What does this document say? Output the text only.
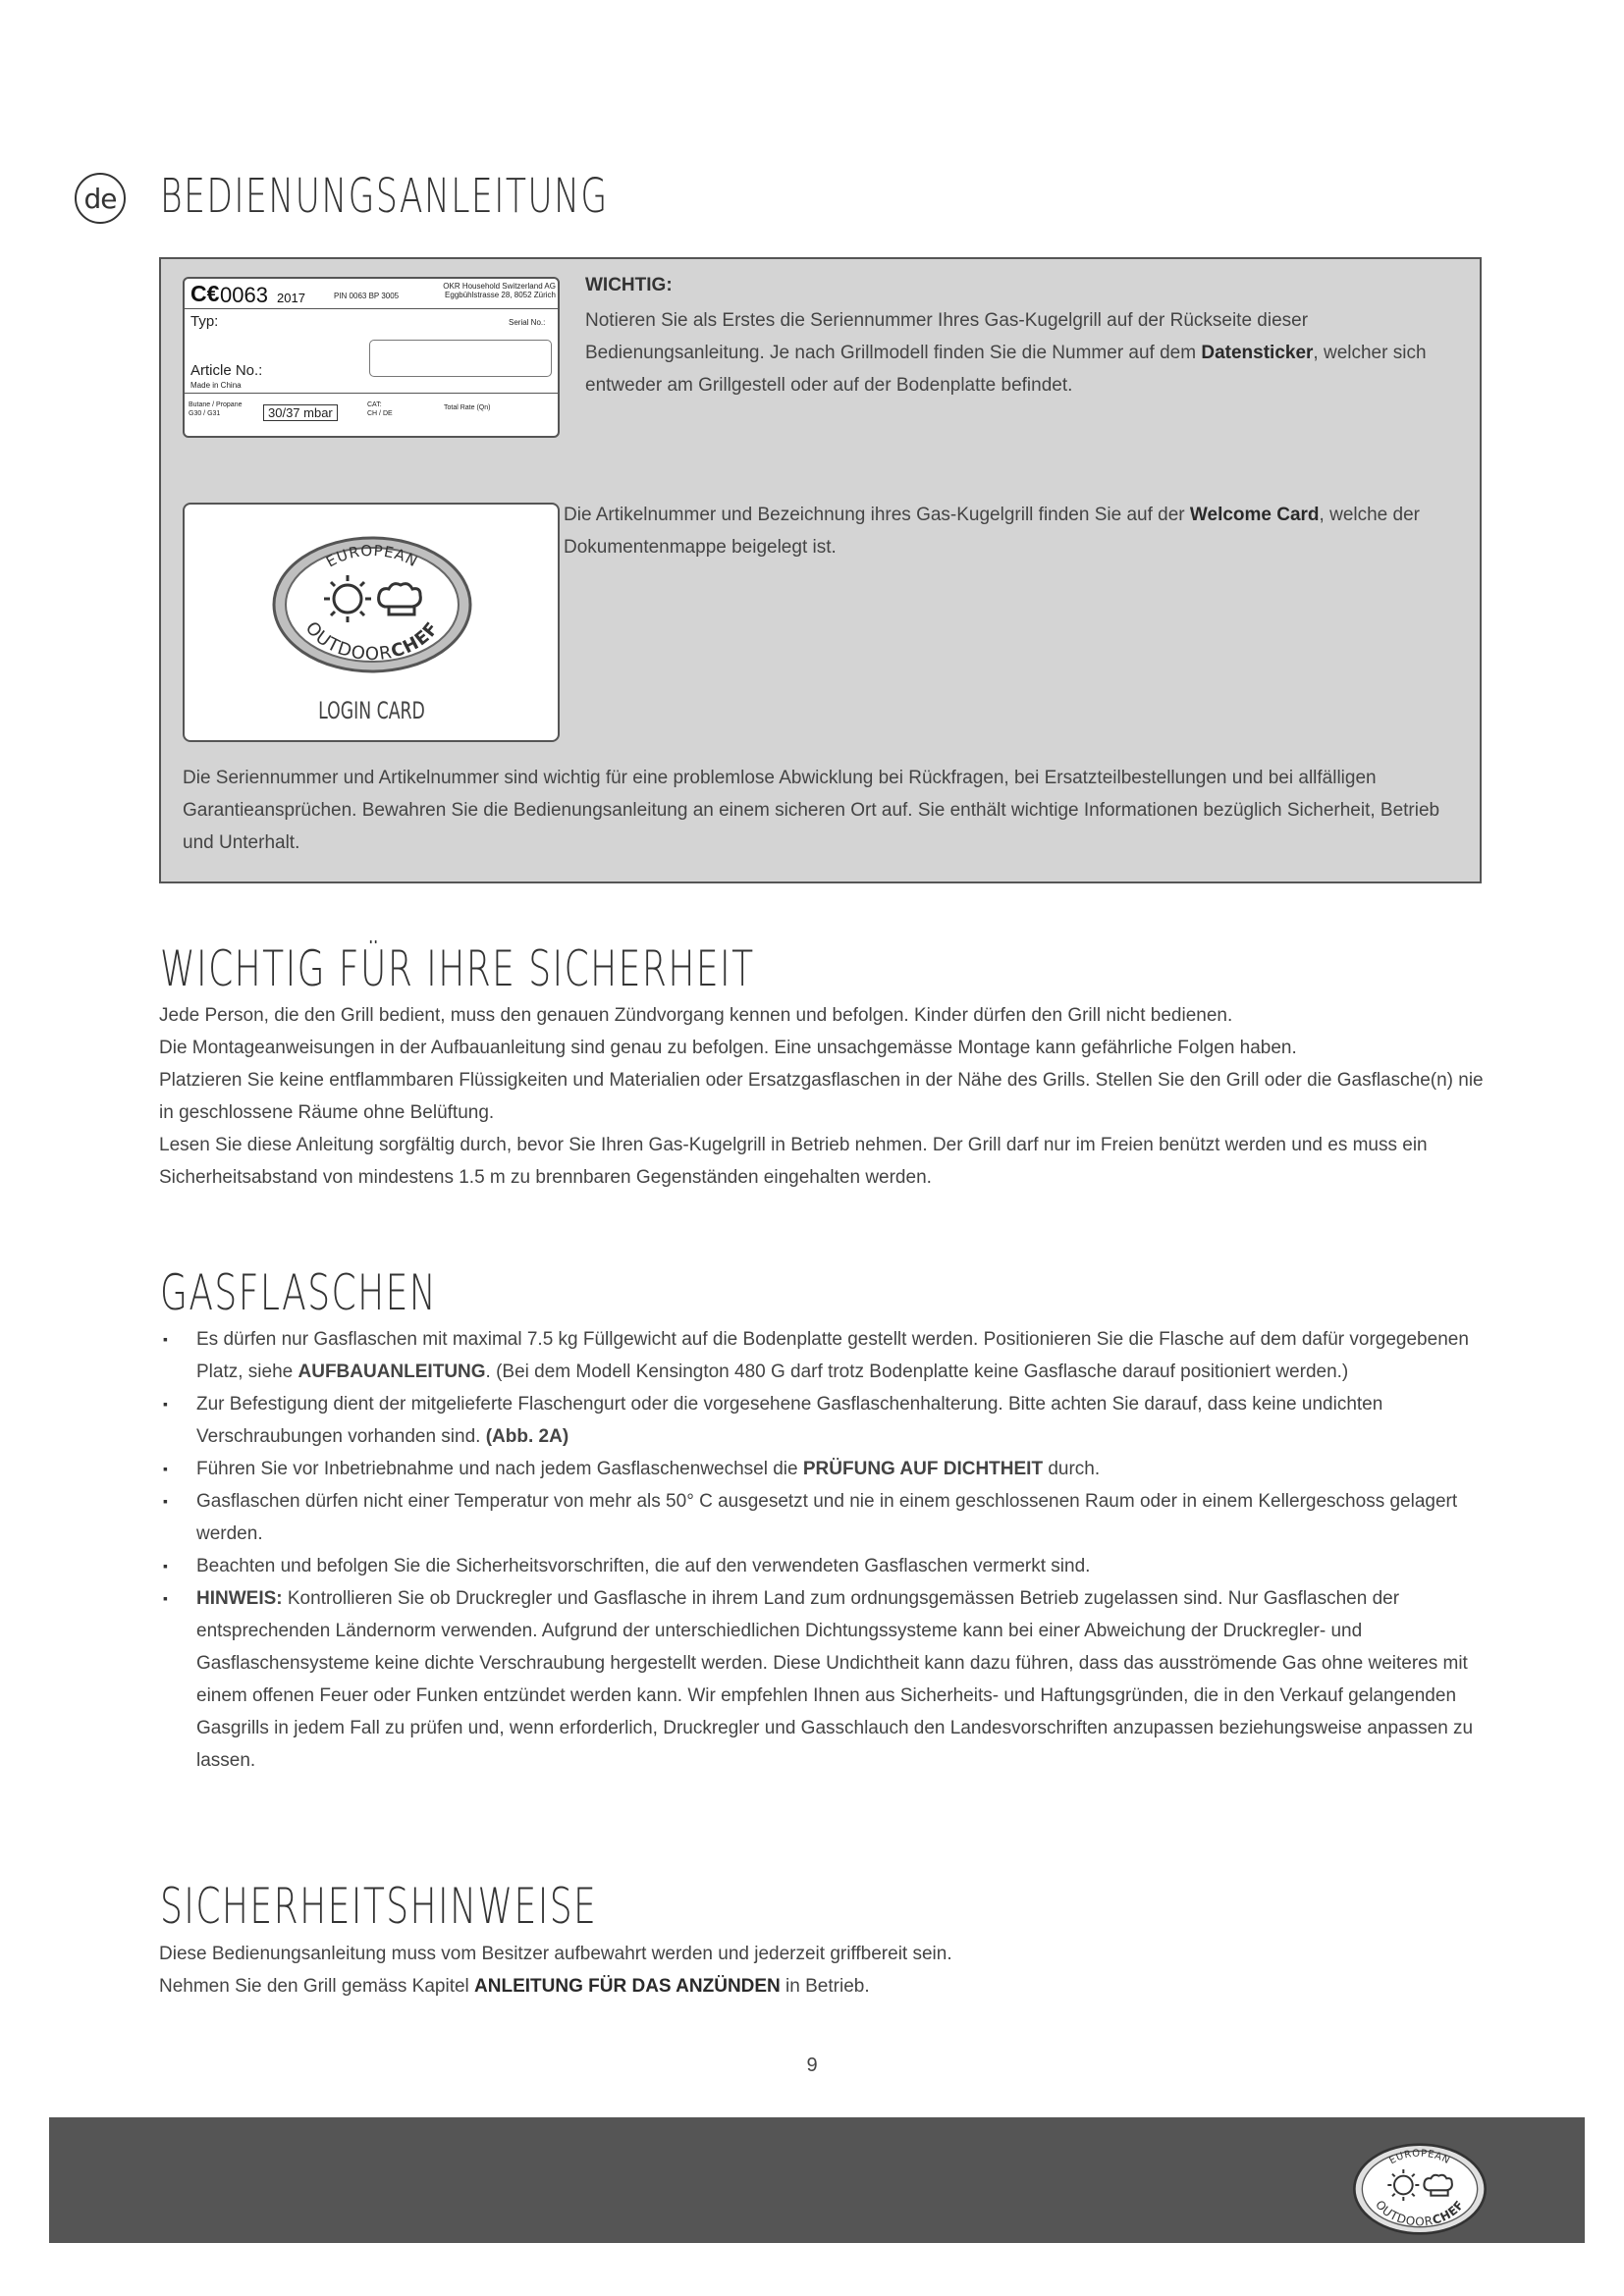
de BEDIENUNGSANLEITUNG
C€ 0063 2017	PIN 0063 BP 3005
OKR Household Switzerland AG
Eggbühlstrasse 28, 8052 Zürich
Typ:	Serial No.:
Article No.:
Made in China
Butane / Propane
G30 / G31	30/37 mbar
CAT:
CH / DE
Total Rate (Qn)
WICHTIG:
Notieren Sie als Erstes die Seriennummer Ihres Gas-Kugelgrill auf der Rückseite dieser Bedienungsanleitung. Je nach Grillmodell finden Sie die Nummer auf dem Datensticker, welcher sich entweder am Grillgestell oder auf der Bodenplatte befindet.
EUROPEAN
OUTDOORCHEF
LOGIN CARD
Die Artikelnummer und Bezeichnung ihres Gas-Kugelgrill finden Sie auf der Welcome Card, welche der Dokumentenmappe beigelegt ist.
Die Seriennummer und Artikelnummer sind wichtig für eine problemlose Abwicklung bei Rückfragen, bei Ersatzteilbestellungen und bei allfälligen Garantieansprüchen. Bewahren Sie die Bedienungsanleitung an einem sicheren Ort auf. Sie enthält wichtige Informationen bezüglich Sicherheit, Betrieb und Unterhalt.
WICHTIG FÜR IHRE SICHERHEIT
Jede Person, die den Grill bedient, muss den genauen Zündvorgang kennen und befolgen. Kinder dürfen den Grill nicht bedienen.
Die Montageanweisungen in der Aufbauanleitung sind genau zu befolgen. Eine unsachgemässe Montage kann gefährliche Folgen haben.
Platzieren Sie keine entflammbaren Flüssigkeiten und Materialien oder Ersatzgasflaschen in der Nähe des Grills. Stellen Sie den Grill oder die Gasflasche(n) nie in geschlossene Räume ohne Belüftung.
Lesen Sie diese Anleitung sorgfältig durch, bevor Sie Ihren Gas-Kugelgrill in Betrieb nehmen. Der Grill darf nur im Freien benützt werden und es muss ein Sicherheitsabstand von mindestens 1.5 m zu brennbaren Gegenständen eingehalten werden.
GASFLASCHEN
▪ Es dürfen nur Gasflaschen mit maximal 7.5 kg Füllgewicht auf die Bodenplatte gestellt werden. Positionieren Sie die Flasche auf dem dafür vorgegebenen Platz, siehe AUFBAUANLEITUNG. (Bei dem Modell Kensington 480 G darf trotz Bodenplatte keine Gasflasche darauf positioniert werden.)
▪ Zur Befestigung dient der mitgelieferte Flaschengurt oder die vorgesehene Gasflaschenhalterung. Bitte achten Sie darauf, dass keine undichten Verschraubungen vorhanden sind. (Abb. 2A)
▪ Führen Sie vor Inbetriebnahme und nach jedem Gasflaschenwechsel die PRÜFUNG AUF DICHTHEIT durch.
▪ Gasflaschen dürfen nicht einer Temperatur von mehr als 50° C ausgesetzt und nie in einem geschlossenen Raum oder in einem Kellergeschoss gelagert werden.
▪ Beachten und befolgen Sie die Sicherheitsvorschriften, die auf den verwendeten Gasflaschen vermerkt sind.
▪ HINWEIS: Kontrollieren Sie ob Druckregler und Gasflasche in ihrem Land zum ordnungsgemässen Betrieb zugelassen sind. Nur Gasflaschen der entsprechenden Ländernorm verwenden. Aufgrund der unterschiedlichen Dichtungssysteme kann bei einer Abweichung der Druckregler- und Gasflaschensysteme keine dichte Verschraubung hergestellt werden. Diese Undichtheit kann dazu führen, dass das ausströmende Gas ohne weiteres mit einem offenen Feuer oder Funken entzündet werden kann. Wir empfehlen Ihnen aus Sicherheits- und Haftungsgründen, die in den Verkauf gelangenden Gasgrills in jedem Fall zu prüfen und, wenn erforderlich, Druckregler und Gasschlauch den Landesvorschriften anzupassen beziehungsweise anpassen zu lassen.
SICHERHEITSHINWEISE
Diese Bedienungsanleitung muss vom Besitzer aufbewahrt werden und jederzeit griffbereit sein.
Nehmen Sie den Grill gemäss Kapitel ANLEITUNG FÜR DAS ANZÜNDEN in Betrieb.
9
EUROPEAN
OUTDOORCHEF
